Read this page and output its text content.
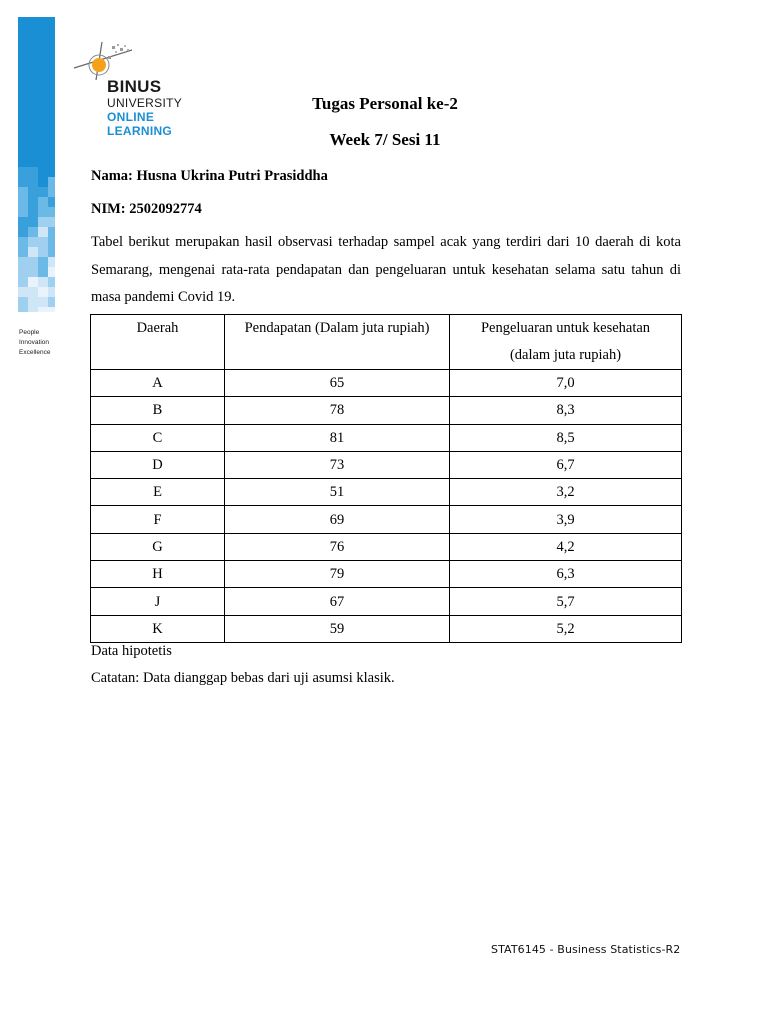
People
Innovation
Excellence
BINUS
UNIVERSITY
ONLINE
LEARNING
Tugas Personal ke-2
Week 7/ Sesi 11
Nama: Husna Ukrina Putri Prasiddha
NIM: 2502092774
Tabel berikut merupakan hasil observasi terhadap sampel acak yang terdiri dari 10 daerah di kota Semarang, mengenai rata-rata pendapatan dan pengeluaran untuk kesehatan selama satu tahun di masa pandemi Covid 19.
Daerah	Pendapatan (Dalam juta rupiah)	Pengeluaran untuk kesehatan
(dalam juta rupiah)

A	65	7,0
B	78	8,3
C	81	8,5
D	73	6,7
E	51	3,2
F	69	3,9
G	76	4,2
H	79	6,3
J	67	5,7
K	59	5,2
Data hipotetis
Catatan: Data dianggap bebas dari uji asumsi klasik.
STAT6145 - Business Statistics-R2
